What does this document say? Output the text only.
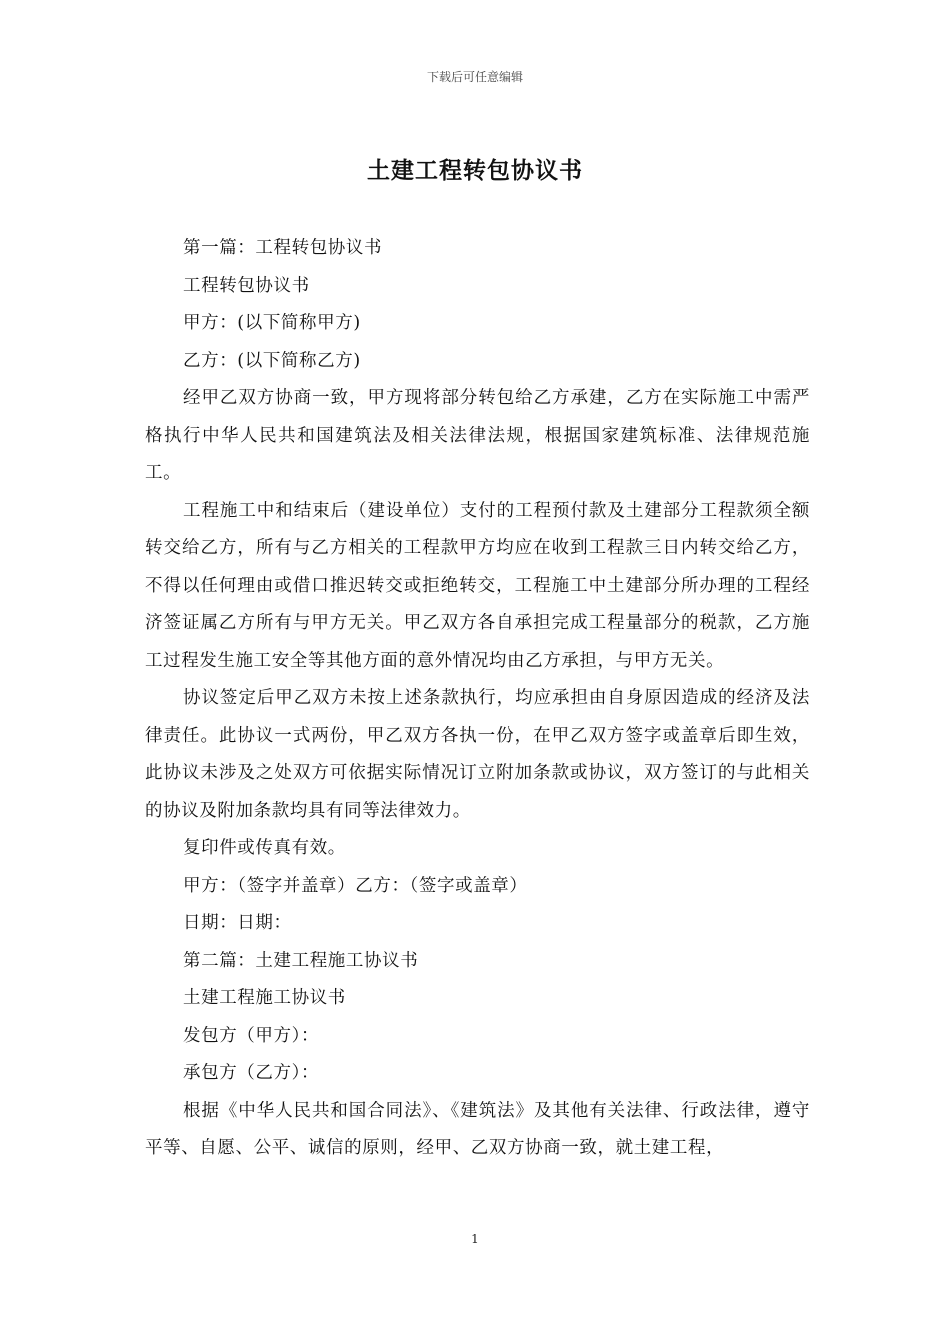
下载后可任意编辑
土建工程转包协议书

第一篇：工程转包协议书

工程转包协议书

甲方：(以下简称甲方)

乙方：(以下简称乙方)

经甲乙双方协商一致，甲方现将部分转包给乙方承建，乙方在实际施工中需严格执行中华人民共和国建筑法及相关法律法规，根据国家建筑标准、法律规范施工。

工程施工中和结束后（建设单位）支付的工程预付款及土建部分工程款须全额转交给乙方，所有与乙方相关的工程款甲方均应在收到工程款三日内转交给乙方，不得以任何理由或借口推迟转交或拒绝转交，工程施工中土建部分所办理的工程经济签证属乙方所有与甲方无关。甲乙双方各自承担完成工程量部分的税款，乙方施工过程发生施工安全等其他方面的意外情况均由乙方承担，与甲方无关。

协议签定后甲乙双方未按上述条款执行，均应承担由自身原因造成的经济及法律责任。此协议一式两份，甲乙双方各执一份，在甲乙双方签字或盖章后即生效，此协议未涉及之处双方可依据实际情况订立附加条款或协议，双方签订的与此相关的协议及附加条款均具有同等法律效力。

复印件或传真有效。

甲方：（签字并盖章）乙方：（签字或盖章）

日期：日期：

第二篇：土建工程施工协议书

土建工程施工协议书

发包方（甲方）：

承包方（乙方）：

根据《中华人民共和国合同法》、《建筑法》及其他有关法律、行政法律，遵守平等、自愿、公平、诚信的原则，经甲、乙双方协商一致，就土建工程，

1
